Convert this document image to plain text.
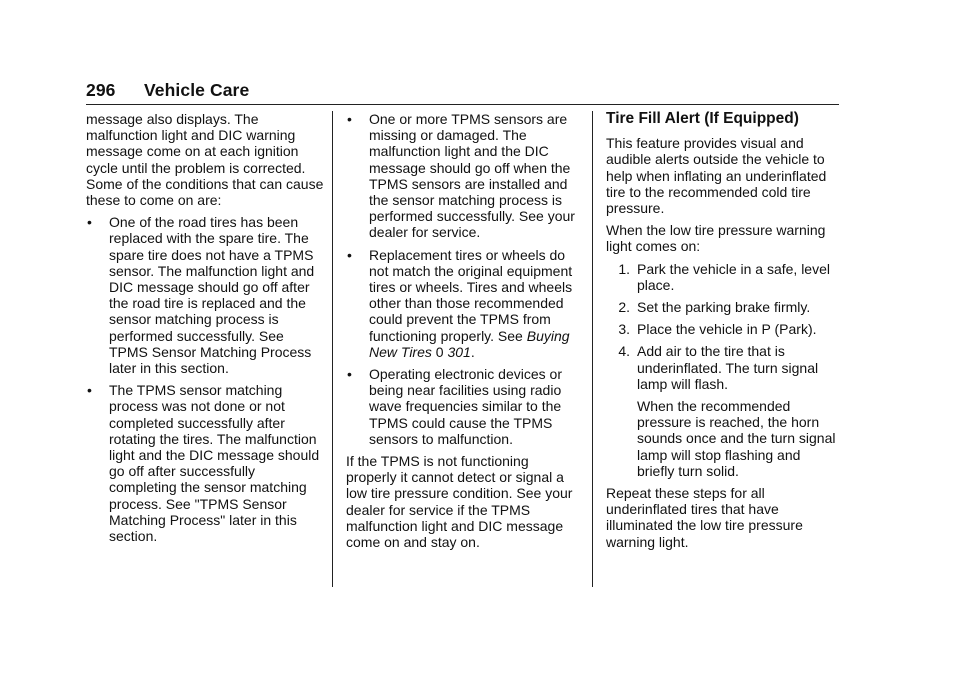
296 Vehicle Care

message also displays. The malfunction light and DIC warning message come on at each ignition cycle until the problem is corrected. Some of the conditions that can cause these to come on are:

•	One of the road tires has been replaced with the spare tire. The spare tire does not have a TPMS sensor. The malfunction light and DIC message should go off after the road tire is replaced and the sensor matching process is performed successfully. See TPMS Sensor Matching Process later in this section.
•	The TPMS sensor matching process was not done or not completed successfully after rotating the tires. The malfunction light and the DIC message should go off after successfully completing the sensor matching process. See "TPMS Sensor Matching Process" later in this section.
•	One or more TPMS sensors are missing or damaged. The malfunction light and the DIC message should go off when the TPMS sensors are installed and the sensor matching process is performed successfully. See your dealer for service.
•	Replacement tires or wheels do not match the original equipment tires or wheels. Tires and wheels other than those recommended could prevent the TPMS from functioning properly. See Buying New Tires 0 301.
•	Operating electronic devices or being near facilities using radio wave frequencies similar to the TPMS could cause the TPMS sensors to malfunction.

If the TPMS is not functioning properly it cannot detect or signal a low tire pressure condition. See your dealer for service if the TPMS malfunction light and DIC message come on and stay on.

Tire Fill Alert (If Equipped)

This feature provides visual and audible alerts outside the vehicle to help when inflating an underinflated tire to the recommended cold tire pressure.

When the low tire pressure warning light comes on:

1. Park the vehicle in a safe, level place.
2. Set the parking brake firmly.
3. Place the vehicle in P (Park).
4. Add air to the tire that is underinflated. The turn signal lamp will flash.
When the recommended pressure is reached, the horn sounds once and the turn signal lamp will stop flashing and briefly turn solid.

Repeat these steps for all underinflated tires that have illuminated the low tire pressure warning light.
